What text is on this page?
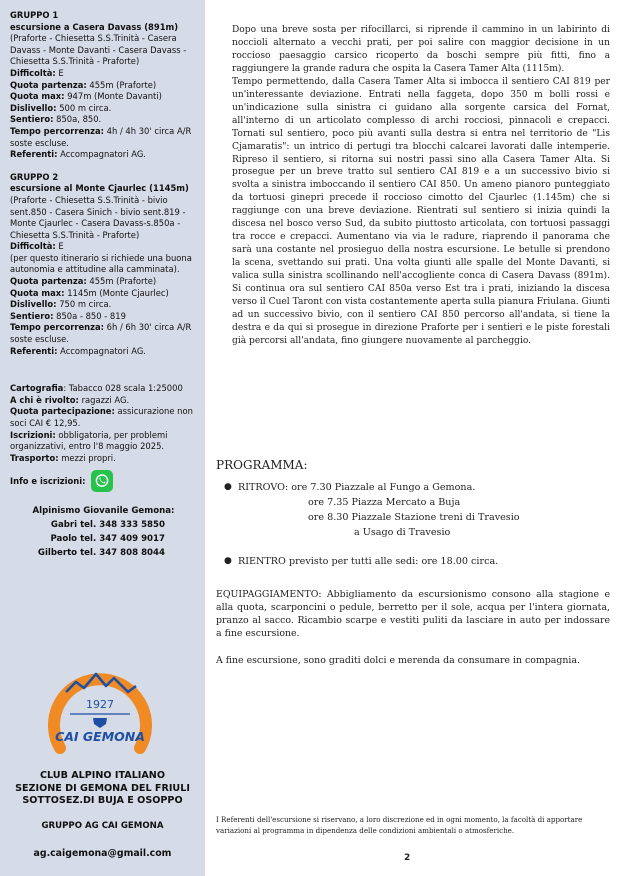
GRUPPO 1
escursione a Casera Davass (891m)
(Praforte - Chiesetta S.S.Trinità - Casera Davass - Monte Davanti - Casera Davass - Chiesetta S.S.Trinità - Praforte)
Difficoltà: E
Quota partenza: 455m (Praforte)
Quota max: 947m (Monte Davanti)
Dislivello: 500 m circa.
Sentiero: 850a, 850.
Tempo percorrenza: 4h / 4h 30' circa A/R soste escluse.
Referenti: Accompagnatori AG.
GRUPPO 2
escursione al Monte Cjaurlec (1145m)
(Praforte - Chiesetta S.S.Trinità - bivio sent.850 - Casera Sinich - bivio sent.819 - Monte Cjaurlec - Casera Davass-s.850a - Chiesetta S.S.Trinità - Praforte)
Difficoltà: E
(per questo itinerario si richiede una buona autonomia e attitudine alla camminata).
Quota partenza: 455m (Praforte)
Quota max: 1145m (Monte Cjaurlec)
Dislivello: 750 m circa.
Sentiero: 850a - 850 - 819
Tempo percorrenza: 6h / 6h 30' circa A/R soste escluse.
Referenti: Accompagnatori AG.
Cartografia: Tabacco 028 scala 1:25000
A chi è rivolto: ragazzi AG.
Quota partecipazione: assicurazione non soci CAI € 12,95.
Iscrizioni: obbligatoria, per problemi organizzativi, entro l'8 maggio 2025.
Trasporto: mezzi propri.
Info e iscrizioni:
Alpinismo Giovanile Gemona:
Gabri tel. 348 333 5850
Paolo tel. 347 409 9017
Gilberto tel. 347 808 8044
1927
CAI GEMONA
CLUB ALPINO ITALIANO
SEZIONE DI GEMONA DEL FRIULI
SOTTOSEZ.DI BUJA E OSOPPO
GRUPPO AG CAI GEMONA
ag.caigemona@gmail.com

Dopo una breve sosta per rifocillarci, si riprende il cammino in un labirinto di noccioli alternato a vecchi prati, per poi salire con maggior decisione in un roccioso paesaggio carsico ricoperto da boschi sempre più fitti, fino a raggiungere la grande radura che ospita la Casera Tamer Alta (1115m).

Tempo permettendo, dalla Casera Tamer Alta si imbocca il sentiero CAI 819 per un'interessante deviazione. Entrati nella faggeta, dopo 350 m bolli rossi e un'indicazione sulla sinistra ci guidano alla sorgente carsica del Fornat, all'interno di un articolato complesso di archi rocciosi, pinnacoli e crepacci. Tornati sul sentiero, poco più avanti sulla destra si entra nel territorio de "Lis Cjamaratis": un intrico di pertugi tra blocchi calcarei lavorati dalle intemperie. Ripreso il sentiero, si ritorna sui nostri passi sino alla Casera Tamer Alta. Si prosegue per un breve tratto sul sentiero CAI 819 e a un successivo bivio si svolta a sinistra imboccando il sentiero CAI 850. Un ameno pianoro punteggiato da tortuosi ginepri precede il roccioso cimotto del Cjaurlec (1.145m) che si raggiunge con una breve deviazione. Rientrati sul sentiero si inizia quindi la discesa nel bosco verso Sud, da subito piuttosto articolata, con tortuosi passaggi tra rocce e crepacci. Aumentano via via le radure, riaprendo il panorama che sarà una costante nel prosieguo della nostra escursione. Le betulle si prendono la scena, svettando sui prati. Una volta giunti alle spalle del Monte Davanti, si valica sulla sinistra scollinando nell'accogliente conca di Casera Davass (891m). Si continua ora sul sentiero CAI 850a verso Est tra i prati, iniziando la discesa verso il Cuel Taront con vista costantemente aperta sulla pianura Friulana. Giunti ad un successivo bivio, con il sentiero CAI 850 percorso all'andata, si tiene la destra e da qui si prosegue in direzione Praforte per i sentieri e le piste forestali già percorsi all'andata, fino giungere nuovamente al parcheggio.

PROGRAMMA:
● RITROVO: ore 7.30 Piazzale al Fungo a Gemona.
ore 7.35 Piazza Mercato a Buja
ore 8.30 Piazzale Stazione treni di Travesio
a Usago di Travesio
● RIENTRO previsto per tutti alle sedi: ore 18.00 circa.
EQUIPAGGIAMENTO: Abbigliamento da escursionismo consono alla stagione e alla quota, scarponcini o pedule, berretto per il sole, acqua per l'intera giornata, pranzo al sacco. Ricambio scarpe e vestiti puliti da lasciare in auto per indossare a fine escursione.
A fine escursione, sono graditi dolci e merenda da consumare in compagnia.
I Referenti dell'escursione si riservano, a loro discrezione ed in ogni momento, la facoltà di apportare variazioni al programma in dipendenza delle condizioni ambientali o atmosferiche.
2
